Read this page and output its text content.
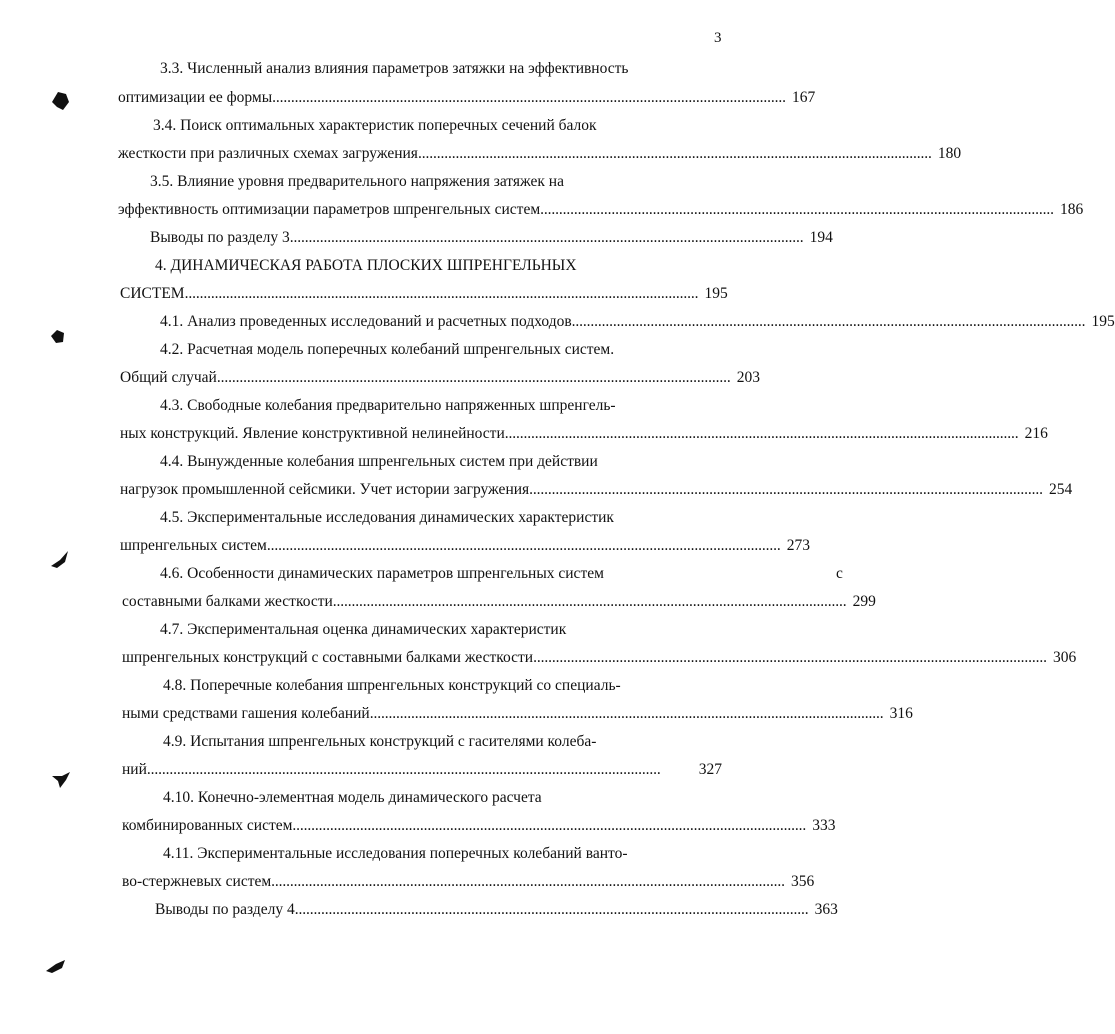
3
3.3. Численный анализ влияния параметров затяжки на эффективность
оптимизации ее формы . . .	167
3.4. Поиск оптимальных характеристик поперечных сечений балок
жесткости при различных схемах загружения . . .	180
3.5. Влияние уровня предварительного напряжения затяжек на
эффективность оптимизации параметров шпренгельных систем . . .	186
Выводы по разделу 3 . . .	194
4. ДИНАМИЧЕСКАЯ РАБОТА ПЛОСКИХ ШПРЕНГЕЛЬНЫХ
СИСТЕМ . . .	195
4.1. Анализ проведенных исследований и расчетных подходов . . .	195
4.2. Расчетная модель поперечных колебаний шпренгельных систем.
Общий случай . . .	203
4.3. Свободные колебания предварительно напряженных шпренгель-
ных конструкций. Явление конструктивной нелинейности . . .	216
4.4. Вынужденные колебания шпренгельных систем при действии
нагрузок промышленной сейсмики. Учет истории загружения . . .	254
4.5. Экспериментальные исследования динамических характеристик
шпренгельных систем . . .	273
4.6. Особенности динамических параметров шпренгельных систем	с
составными балками жесткости . . .	299
4.7. Экспериментальная оценка динамических характеристик
шпренгельных конструкций с составными балками жесткости . . .	306
4.8. Поперечные колебания шпренгельных конструкций со специаль-
ными средствами гашения колебаний . . .	316
4.9. Испытания шпренгельных конструкций с гасителями колеба-
ний . . .	327
4.10. Конечно-элементная модель динамического расчета
комбинированных систем . . .	333
4.11. Экспериментальные исследования поперечных колебаний ванто-
во-стержневых систем . . .	356
Выводы по разделу 4 . . .	363
